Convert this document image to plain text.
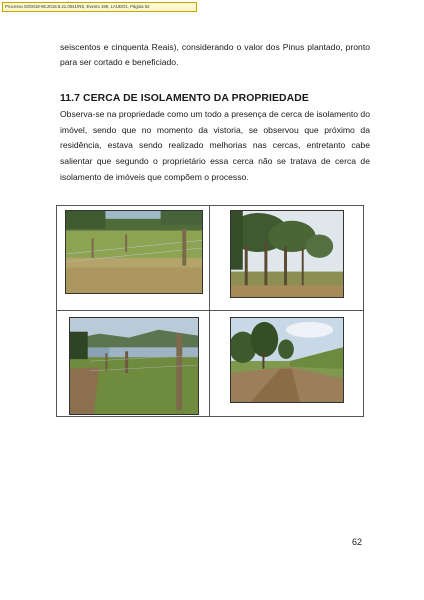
Processo 02/0018-96.2018.8.21.0041/RS, Evento 190, LAUDO1, Página 62

seiscentos e cinquenta Reais), considerando o valor dos Pinus plantado, pronto para ser cortado e beneficiado.

11.7 CERCA DE ISOLAMENTO DA PROPRIEDADE

Observa-se na propriedade como um todo a presença de cerca de isolamento do imóvel, sendo que no momento da vistoria, se observou que próximo da residência, estava sendo realizado melhorias nas cercas, entretanto cabe salientar que segundo o proprietário essa cerca não se tratava de cerca de isolamento de imóveis que compõem o processo.

62
